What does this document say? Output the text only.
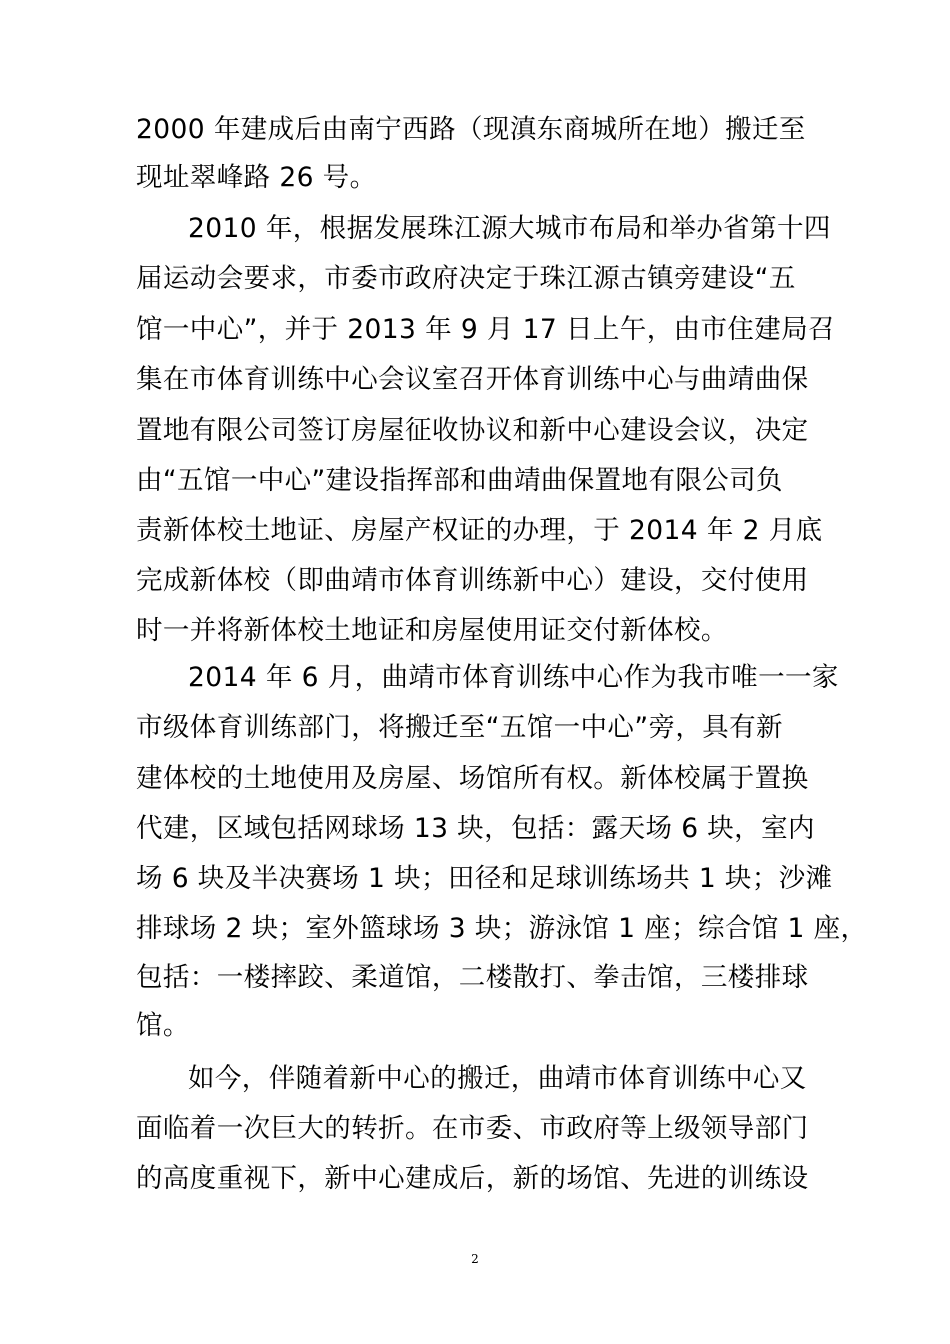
2000 年建成后由南宁西路（现滇东商城所在地）搬迁至
现址翠峰路 26 号。
2010 年，根据发展珠江源大城市布局和举办省第十四
届运动会要求，市委市政府决定于珠江源古镇旁建设“五
馆一中心”，并于 2013 年 9 月 17 日上午，由市住建局召
集在市体育训练中心会议室召开体育训练中心与曲靖曲保
置地有限公司签订房屋征收协议和新中心建设会议，决定
由“五馆一中心”建设指挥部和曲靖曲保置地有限公司负
责新体校土地证、房屋产权证的办理，于 2014 年 2 月底
完成新体校（即曲靖市体育训练新中心）建设，交付使用
时一并将新体校土地证和房屋使用证交付新体校。
2014 年 6 月，曲靖市体育训练中心作为我市唯一一家
市级体育训练部门，将搬迁至“五馆一中心”旁，具有新
建体校的土地使用及房屋、场馆所有权。新体校属于置换
代建，区域包括网球场 13 块，包括：露天场 6 块，室内
场 6 块及半决赛场 1 块；田径和足球训练场共 1 块；沙滩
排球场 2 块；室外篮球场 3 块；游泳馆 1 座；综合馆 1 座，
包括：一楼摔跤、柔道馆，二楼散打、拳击馆，三楼排球
馆。
如今，伴随着新中心的搬迁，曲靖市体育训练中心又
面临着一次巨大的转折。在市委、市政府等上级领导部门
的高度重视下，新中心建成后，新的场馆、先进的训练设
2
